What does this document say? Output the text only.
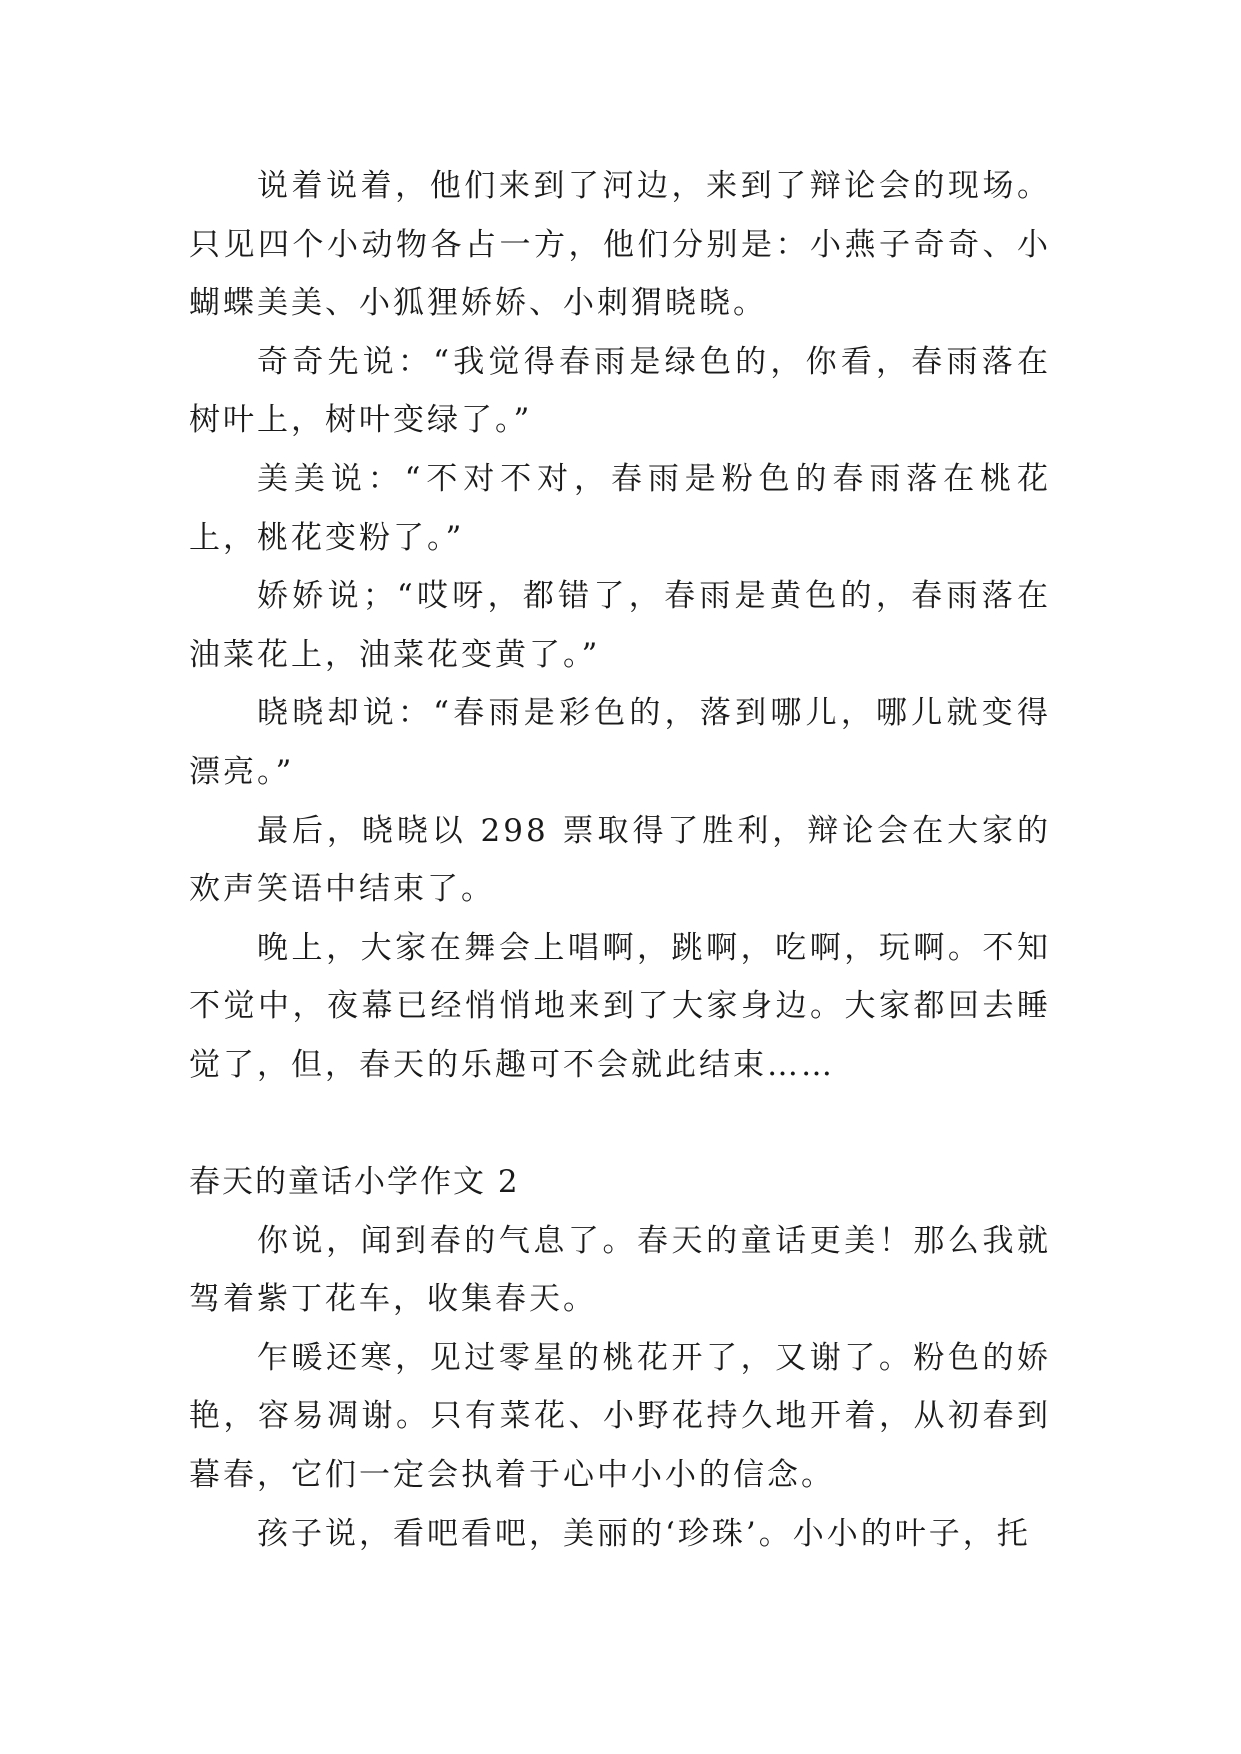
说着说着，他们来到了河边，来到了辩论会的现场。只见四个小动物各占一方，他们分别是：小燕子奇奇、小蝴蝶美美、小狐狸娇娇、小刺猬晓晓。

奇奇先说：“我觉得春雨是绿色的，你看，春雨落在树叶上，树叶变绿了。”

美美说：“不对不对，春雨是粉色的春雨落在桃花上，桃花变粉了。”

娇娇说；“哎呀，都错了，春雨是黄色的，春雨落在油菜花上，油菜花变黄了。”

晓晓却说：“春雨是彩色的，落到哪儿，哪儿就变得漂亮。”

最后，晓晓以 298 票取得了胜利，辩论会在大家的欢声笑语中结束了。

晚上，大家在舞会上唱啊，跳啊，吃啊，玩啊。不知不觉中，夜幕已经悄悄地来到了大家身边。大家都回去睡觉了，但，春天的乐趣可不会就此结束……

春天的童话小学作文 2

你说，闻到春的气息了。春天的童话更美！那么我就驾着紫丁花车，收集春天。

乍暖还寒，见过零星的桃花开了，又谢了。粉色的娇艳，容易凋谢。只有菜花、小野花持久地开着，从初春到暮春，它们一定会执着于心中小小的信念。

孩子说，看吧看吧，美丽的‘珍珠’。小小的叶子，托
